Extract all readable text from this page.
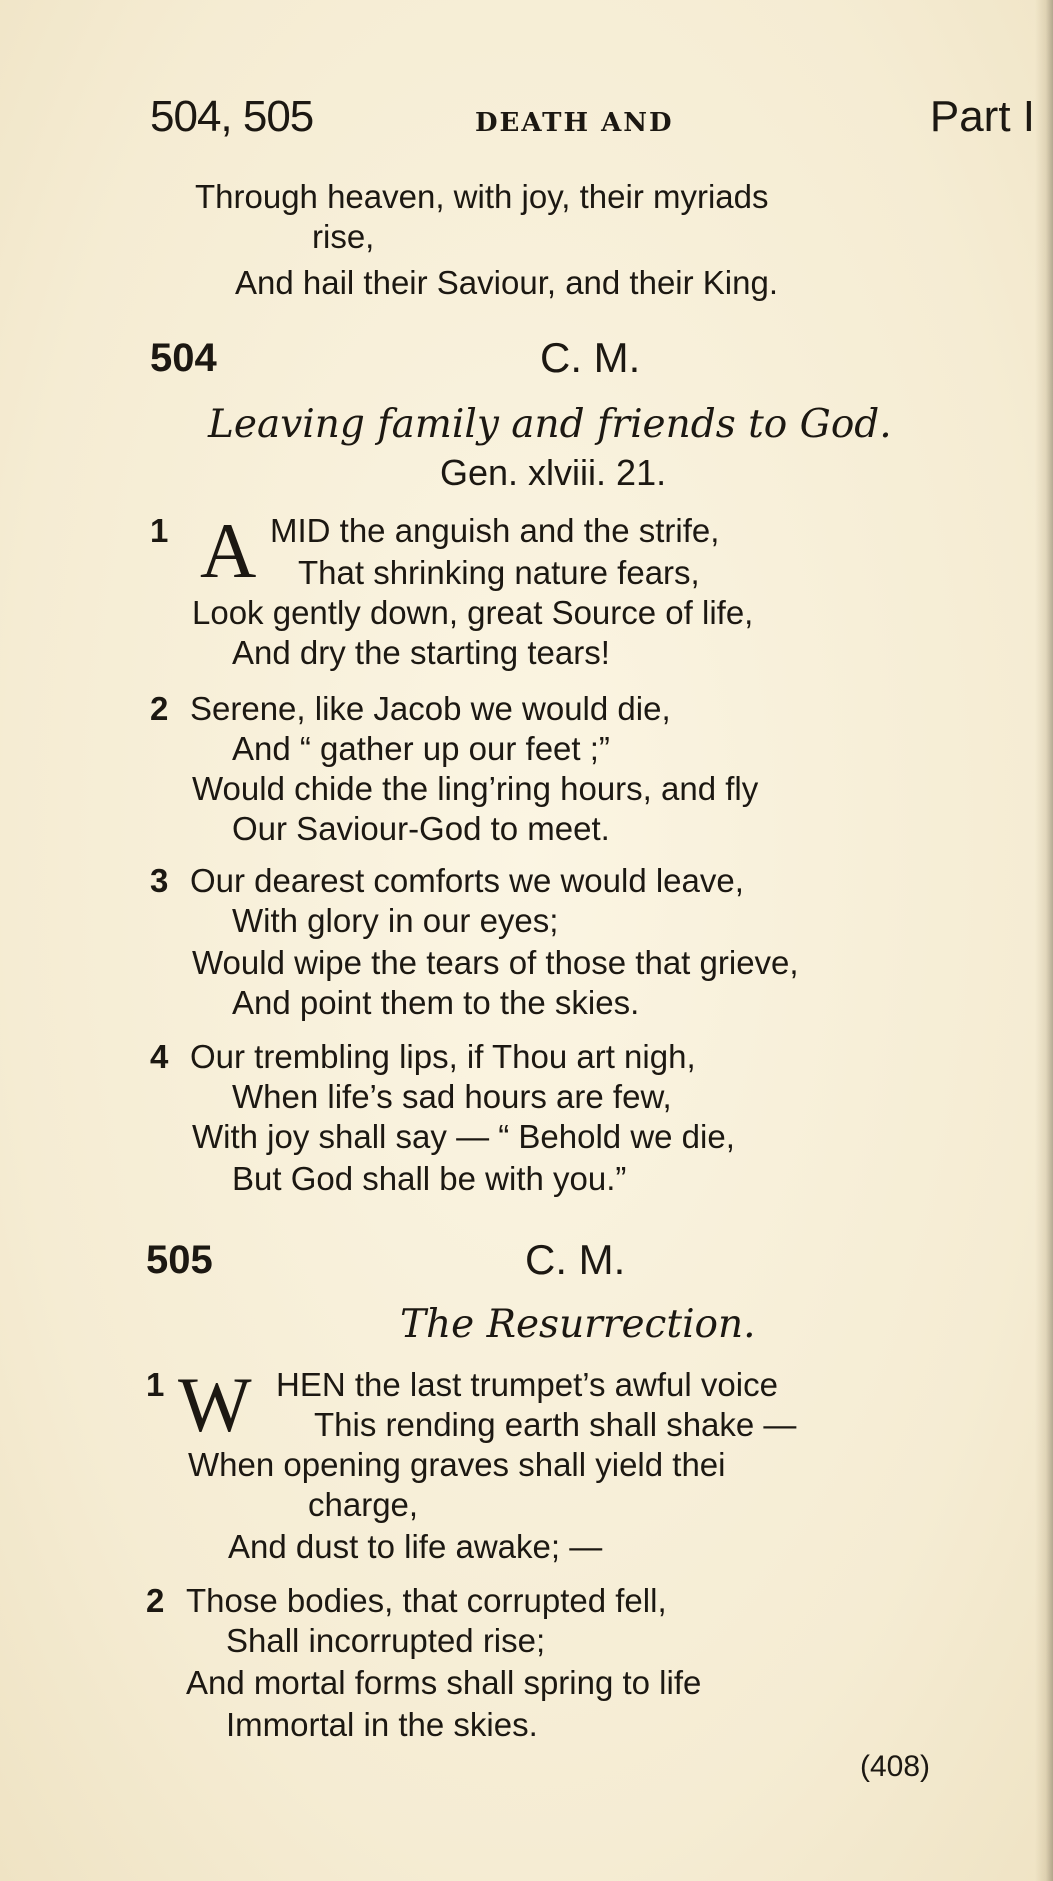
504, 505	DEATH AND	Part I
Through heaven, with joy, their myriads
rise,
And hail their Saviour, and their King.
504	C. M.
Leaving family and friends to God.
Gen. xlviii. 21.
1 A MID the anguish and the strife,
That shrinking nature fears,
Look gently down, great Source of life,
And dry the starting tears!
2 Serene, like Jacob we would die,
And “ gather up our feet ;”
Would chide the ling’ring hours, and fly
Our Saviour-God to meet.
3 Our dearest comforts we would leave,
With glory in our eyes;
Would wipe the tears of those that grieve,
And point them to the skies.
4 Our trembling lips, if Thou art nigh,
When life’s sad hours are few,
With joy shall say — “ Behold we die,
But God shall be with you.”
505	C. M.
The Resurrection.
1 W HEN the last trumpet’s awful voice
This rending earth shall shake —
When opening graves shall yield thei
charge,
And dust to life awake; —
2 Those bodies, that corrupted fell,
Shall incorrupted rise;
And mortal forms shall spring to life
Immortal in the skies.
(408)
